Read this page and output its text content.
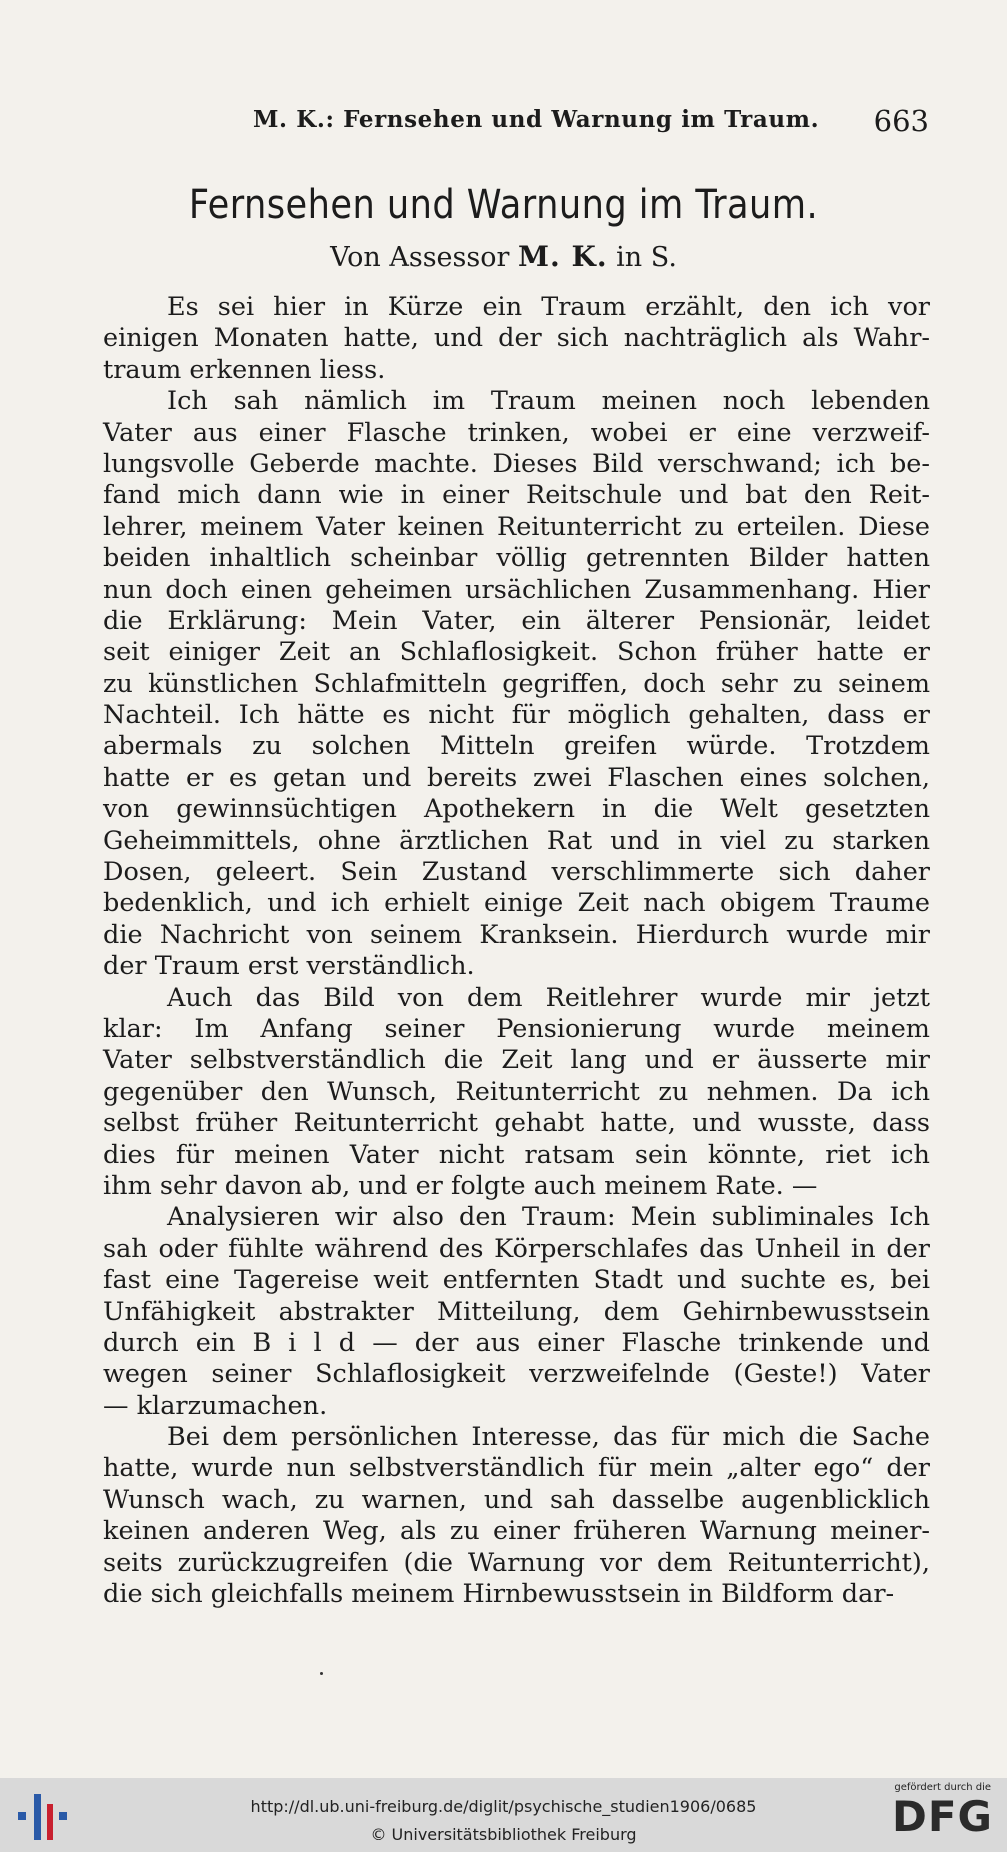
M. K.: Fernsehen und Warnung im Traum. 663
Fernsehen und Warnung im Traum.
Von Assessor M. K. in S.
Es sei hier in Kürze ein Traum erzählt, den ich vor
einigen Monaten hatte, und der sich nachträglich als Wahr-
traum erkennen liess.
Ich sah nämlich im Traum meinen noch lebenden
Vater aus einer Flasche trinken, wobei er eine verzweif-
lungsvolle Geberde machte. Dieses Bild verschwand; ich be-
fand mich dann wie in einer Reitschule und bat den Reit-
lehrer, meinem Vater keinen Reitunterricht zu erteilen. Diese
beiden inhaltlich scheinbar völlig getrennten Bilder hatten
nun doch einen geheimen ursächlichen Zusammenhang. Hier
die Erklärung: Mein Vater, ein älterer Pensionär, leidet
seit einiger Zeit an Schlaflosigkeit. Schon früher hatte er
zu künstlichen Schlafmitteln gegriffen, doch sehr zu seinem
Nachteil. Ich hätte es nicht für möglich gehalten, dass er
abermals zu solchen Mitteln greifen würde. Trotzdem
hatte er es getan und bereits zwei Flaschen eines solchen,
von gewinnsüchtigen Apothekern in die Welt gesetzten
Geheimmittels, ohne ärztlichen Rat und in viel zu starken
Dosen, geleert. Sein Zustand verschlimmerte sich daher
bedenklich, und ich erhielt einige Zeit nach obigem Traume
die Nachricht von seinem Kranksein. Hierdurch wurde mir
der Traum erst verständlich.
Auch das Bild von dem Reitlehrer wurde mir jetzt
klar: Im Anfang seiner Pensionierung wurde meinem
Vater selbstverständlich die Zeit lang und er äusserte mir
gegenüber den Wunsch, Reitunterricht zu nehmen. Da ich
selbst früher Reitunterricht gehabt hatte, und wusste, dass
dies für meinen Vater nicht ratsam sein könnte, riet ich
ihm sehr davon ab, und er folgte auch meinem Rate. —
Analysieren wir also den Traum: Mein subliminales Ich
sah oder fühlte während des Körperschlafes das Unheil in der
fast eine Tagereise weit entfernten Stadt und suchte es, bei
Unfähigkeit abstrakter Mitteilung, dem Gehirnbewusstsein
durch ein B i l d — der aus einer Flasche trinkende und
wegen seiner Schlaflosigkeit verzweifelnde (Geste!) Vater
— klarzumachen.
Bei dem persönlichen Interesse, das für mich die Sache
hatte, wurde nun selbstverständlich für mein „alter ego“ der
Wunsch wach, zu warnen, und sah dasselbe augenblicklich
keinen anderen Weg, als zu einer früheren Warnung meiner-
seits zurückzugreifen (die Warnung vor dem Reitunterricht),
die sich gleichfalls meinem Hirnbewusstsein in Bildform dar-
http://dl.ub.uni-freiburg.de/diglit/psychische_studien1906/0685
© Universitätsbibliothek Freiburg
gefördert durch die
DFG
